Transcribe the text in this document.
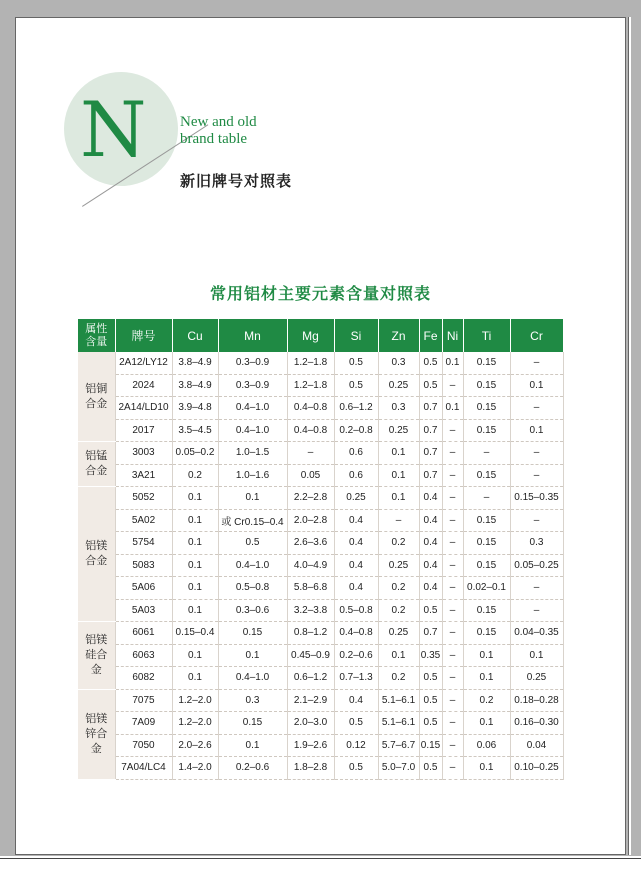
N New and old
brand table
新旧牌号对照表
常用铝材主要元素含量对照表
属性
含量	牌号	Cu	Mn	Mg	Si	Zn	Fe	Ni	Ti	Cr

铝铜
合金	2A12/LY12	3.8–4.9	0.3–0.9	1.2–1.8	0.5	0.3	0.5	0.1	0.15	–
	2024	3.8–4.9	0.3–0.9	1.2–1.8	0.5	0.25	0.5	–	0.15	0.1
	2A14/LD10	3.9–4.8	0.4–1.0	0.4–0.8	0.6–1.2	0.3	0.7	0.1	0.15	–
	2017	3.5–4.5	0.4–1.0	0.4–0.8	0.2–0.8	0.25	0.7	–	0.15	0.1

铝锰
合金	3003	0.05–0.2	1.0–1.5	–	0.6	0.1	0.7	–	–	–
	3A21	0.2	1.0–1.6	0.05	0.6	0.1	0.7	–	0.15	–

铝镁
合金	5052	0.1	0.1	2.2–2.8	0.25	0.1	0.4	–	–	0.15–0.35
	5A02	0.1	或 Cr0.15–0.4	2.0–2.8	0.4	–	0.4	–	0.15	–
	5754	0.1	0.5	2.6–3.6	0.4	0.2	0.4	–	0.15	0.3
	5083	0.1	0.4–1.0	4.0–4.9	0.4	0.25	0.4	–	0.15	0.05–0.25
	5A06	0.1	0.5–0.8	5.8–6.8	0.4	0.2	0.4	–	0.02–0.1	–
	5A03	0.1	0.3–0.6	3.2–3.8	0.5–0.8	0.2	0.5	–	0.15	–

铝镁
硅合
金	6061	0.15–0.4	0.15	0.8–1.2	0.4–0.8	0.25	0.7	–	0.15	0.04–0.35
	6063	0.1	0.1	0.45–0.9	0.2–0.6	0.1	0.35	–	0.1	0.1
	6082	0.1	0.4–1.0	0.6–1.2	0.7–1.3	0.2	0.5	–	0.1	0.25

铝镁
锌合
金	7075	1.2–2.0	0.3	2.1–2.9	0.4	5.1–6.1	0.5	–	0.2	0.18–0.28
	7A09	1.2–2.0	0.15	2.0–3.0	0.5	5.1–6.1	0.5	–	0.1	0.16–0.30
	7050	2.0–2.6	0.1	1.9–2.6	0.12	5.7–6.7	0.15	–	0.06	0.04
	7A04/LC4	1.4–2.0	0.2–0.6	1.8–2.8	0.5	5.0–7.0	0.5	–	0.1	0.10–0.25
